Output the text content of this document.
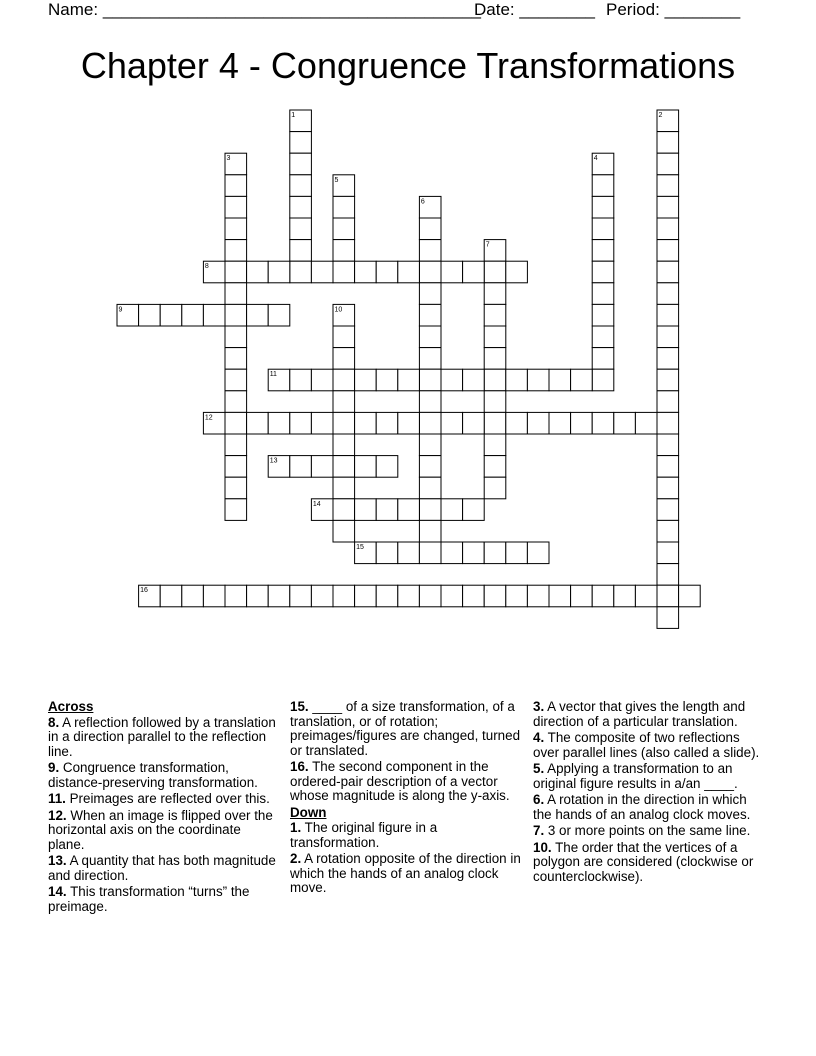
Name: ________________________________________
Date: ________ Period: ________
Chapter 4 - Congruence Transformations
1	2
3	4
5
6
7
8
9	10
11
12
13
14
15
16
Across
8. A reflection followed by a translation in a direction parallel to the reflection line.
9. Congruence transformation, distance-preserving transformation.
11. Preimages are reflected over this.
12. When an image is flipped over the horizontal axis on the coordinate plane.
13. A quantity that has both magnitude and direction.
14. This transformation “turns” the preimage.
15. ____ of a size transformation, of a translation, or of rotation; preimages/figures are changed, turned or translated.
16. The second component in the ordered-pair description of a vector whose magnitude is along the y-axis.
Down
1. The original figure in a transformation.
2. A rotation opposite of the direction in which the hands of an analog clock move.
3. A vector that gives the length and direction of a particular translation.
4. The composite of two reflections over parallel lines (also called a slide).
5. Applying a transformation to an original figure results in a/an ____.
6. A rotation in the direction in which the hands of an analog clock moves.
7. 3 or more points on the same line.
10. The order that the vertices of a polygon are considered (clockwise or counterclockwise).
